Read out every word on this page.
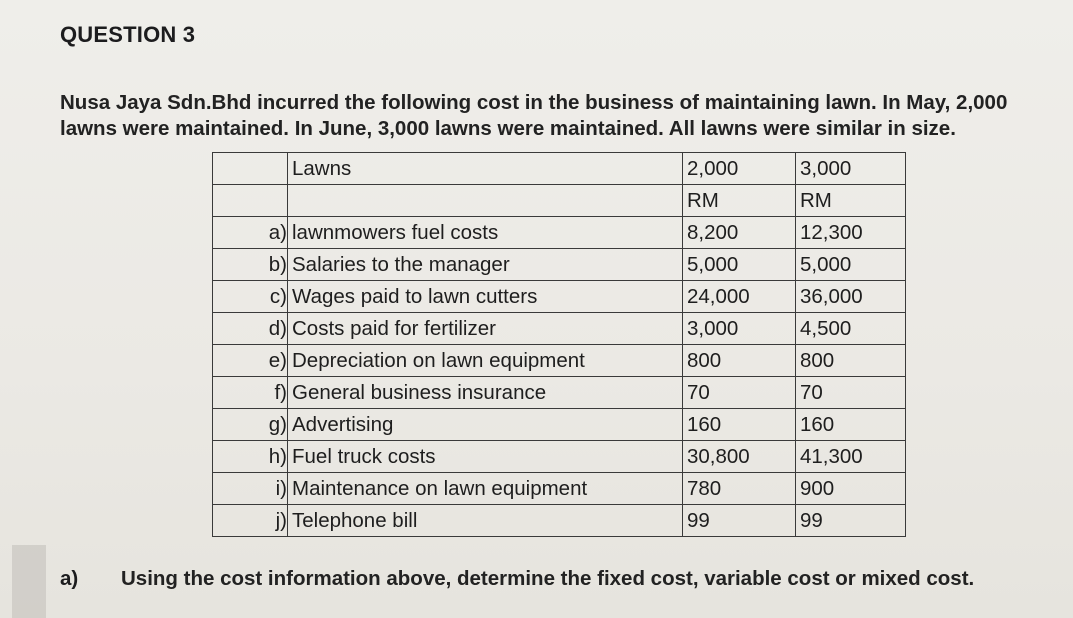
QUESTION 3
Nusa Jaya Sdn.Bhd incurred the following cost in the business of maintaining lawn. In May, 2,000 lawns were maintained. In June, 3,000 lawns were maintained. All lawns were similar in size.
	Lawns	2,000	3,000
		RM	RM
a)	lawnmowers fuel costs	8,200	12,300
b)	Salaries to the manager	5,000	5,000
c)	Wages paid to lawn cutters	24,000	36,000
d)	Costs paid for fertilizer	3,000	4,500
e)	Depreciation on lawn equipment	800	800
f)	General business insurance	70	70
g)	Advertising	160	160
h)	Fuel truck costs	30,800	41,300
i)	Maintenance on lawn equipment	780	900
j)	Telephone bill	99	99
a) Using the cost information above, determine the fixed cost, variable cost or mixed cost.
